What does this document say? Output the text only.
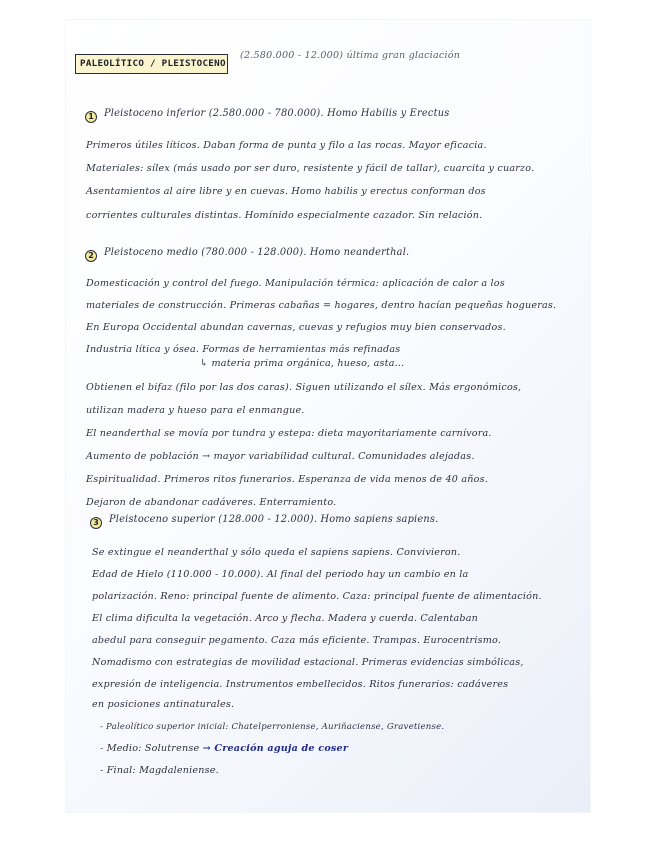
PALEOLÍTICO / PLEISTOCENO
(2.580.000 - 12.000) última gran glaciación
1	Pleistoceno inferior (2.580.000 - 780.000). Homo Habilis y Erectus
Primeros útiles líticos. Daban forma de punta y filo a las rocas. Mayor eficacia.
Materiales: sílex (más usado por ser duro, resistente y fácil de tallar), cuarcita y cuarzo.
Asentamientos al aire libre y en cuevas. Homo habilis y erectus conforman dos
corrientes culturales distintas. Homínido especialmente cazador. Sin relación.
2	Pleistoceno medio (780.000 - 128.000). Homo neanderthal.
Domesticación y control del fuego. Manipulación térmica: aplicación de calor a los
materiales de construcción. Primeras cabañas = hogares, dentro hacían pequeñas hogueras.
En Europa Occidental abundan cavernas, cuevas y refugios muy bien conservados.
Industria lítica y ósea. Formas de herramientas más refinadas
↳ materia prima orgánica, hueso, asta...
Obtienen el bifaz (filo por las dos caras). Siguen utilizando el sílex. Más ergonómicos,
utilizan madera y hueso para el enmangue.
El neanderthal se movía por tundra y estepa: dieta mayoritariamente carnívora.
Aumento de población → mayor variabilidad cultural. Comunidades alejadas.
Espiritualidad. Primeros ritos funerarios. Esperanza de vida menos de 40 años.
Dejaron de abandonar cadáveres. Enterramiento.
3	Pleistoceno superior (128.000 - 12.000). Homo sapiens sapiens.
Se extingue el neanderthal y sólo queda el sapiens sapiens. Convivieron.
Edad de Hielo (110.000 - 10.000). Al final del periodo hay un cambio en la
polarización. Reno: principal fuente de alimento. Caza: principal fuente de alimentación.
El clima dificulta la vegetación. Arco y flecha. Madera y cuerda. Calentaban
abedul para conseguir pegamento. Caza más eficiente. Trampas. Eurocentrismo.
Nomadismo con estrategias de movilidad estacional. Primeras evidencias simbólicas,
expresión de inteligencia. Instrumentos embellecidos. Ritos funerarios: cadáveres
en posiciones antinaturales.
- Paleolítico superior inicial: Chatelperroniense, Auriñaciense, Gravetiense.
- Medio: Solutrense → Creación aguja de coser
- Final: Magdaleniense.
